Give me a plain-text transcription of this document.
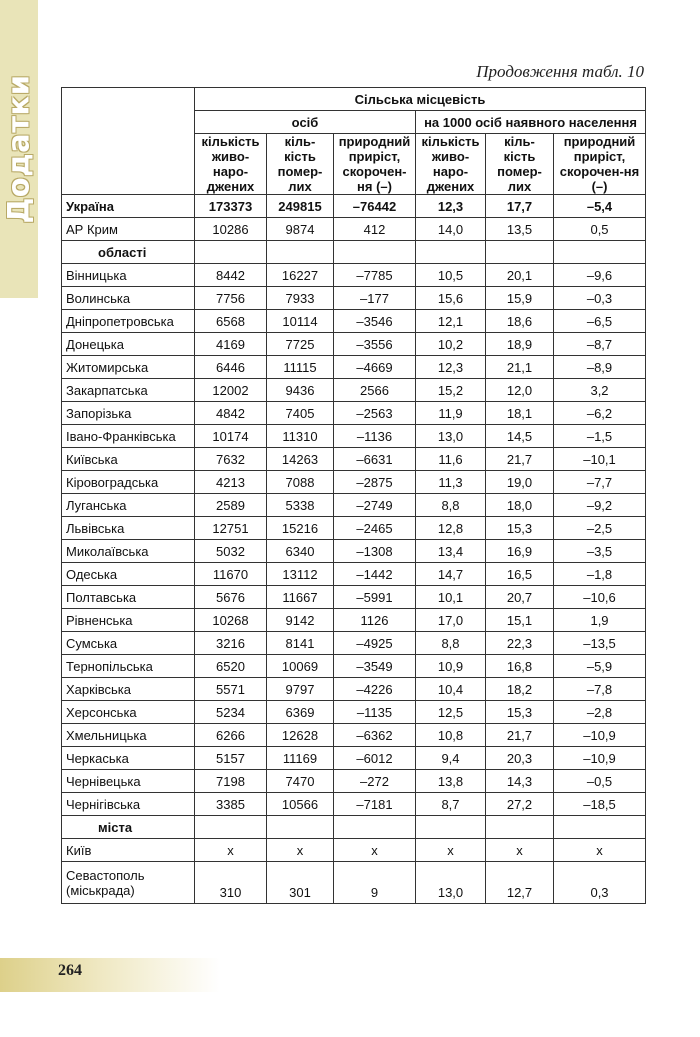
Додатки
Продовження табл. 10
	Сільська місцевість					
	осіб			на 1000 осіб наявного населення		
	кількість живо-наро-джених	кіль-кість помер-лих	природний приріст, скорочен-ня (–)	кількість живо-наро-джених	кіль-кість помер-лих	природний приріст, скорочен-ня (–)
Україна	173373	249815	–76442	12,3	17,7	–5,4
АР Крим	10286	9874	412	14,0	13,5	0,5
області						
Вінницька	8442	16227	–7785	10,5	20,1	–9,6
Волинська	7756	7933	–177	15,6	15,9	–0,3
Дніпропетровська	6568	10114	–3546	12,1	18,6	–6,5
Донецька	4169	7725	–3556	10,2	18,9	–8,7
Житомирська	6446	11115	–4669	12,3	21,1	–8,9
Закарпатська	12002	9436	2566	15,2	12,0	3,2
Запорізька	4842	7405	–2563	11,9	18,1	–6,2
Івано-Франківська	10174	11310	–1136	13,0	14,5	–1,5
Київська	7632	14263	–6631	11,6	21,7	–10,1
Кіровоградська	4213	7088	–2875	11,3	19,0	–7,7
Луганська	2589	5338	–2749	8,8	18,0	–9,2
Львівська	12751	15216	–2465	12,8	15,3	–2,5
Миколаївська	5032	6340	–1308	13,4	16,9	–3,5
Одеська	11670	13112	–1442	14,7	16,5	–1,8
Полтавська	5676	11667	–5991	10,1	20,7	–10,6
Рівненська	10268	9142	1126	17,0	15,1	1,9
Сумська	3216	8141	–4925	8,8	22,3	–13,5
Тернопільська	6520	10069	–3549	10,9	16,8	–5,9
Харківська	5571	9797	–4226	10,4	18,2	–7,8
Херсонська	5234	6369	–1135	12,5	15,3	–2,8
Хмельницька	6266	12628	–6362	10,8	21,7	–10,9
Черкаська	5157	11169	–6012	9,4	20,3	–10,9
Чернівецька	7198	7470	–272	13,8	14,3	–0,5
Чернігівська	3385	10566	–7181	8,7	27,2	–18,5
міста						
Київ	х	х	х	х	х	х
Севастополь (міськрада)	310	301	9	13,0	12,7	0,3
264
